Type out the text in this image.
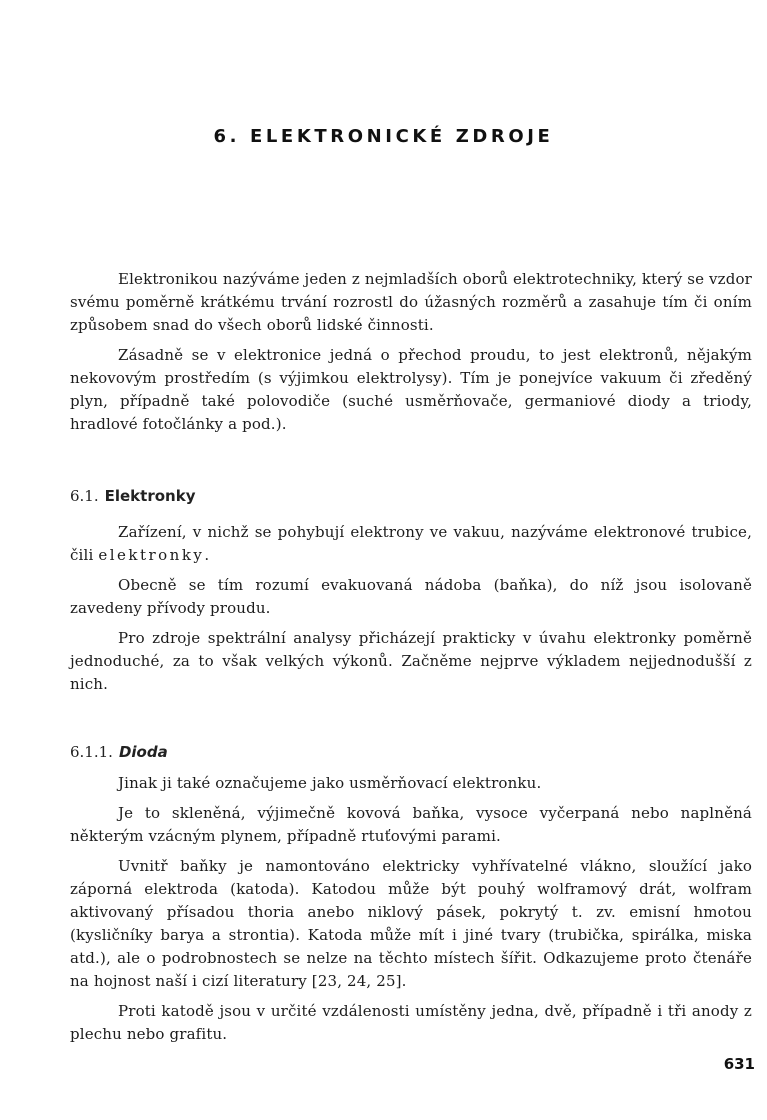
6. ELEKTRONICKÉ ZDROJE

Elektronikou nazýváme jeden z nejmladších oborů elektrotechniky, který se vzdor svému poměrně krátkému trvání rozrostl do úžasných rozměrů a zasahuje tím či oním způsobem snad do všech oborů lidské činnosti.

Zásadně se v elektronice jedná o přechod proudu, to jest elektronů, nějakým nekovovým prostředím (s výjimkou elektrolysy). Tím je ponejvíce vakuum či zředěný plyn, případně také polovodiče (suché usměrňovače, germaniové diody a triody, hradlové fotočlánky a pod.).

6.1. Elektronky

Zařízení, v nichž se pohybují elektrony ve vakuu, nazýváme elektronové trubice, čili elektronky.

Obecně se tím rozumí evakuovaná nádoba (baňka), do níž jsou isolovaně zavedeny přívody proudu.

Pro zdroje spektrální analysy přicházejí prakticky v úvahu elektronky poměrně jednoduché, za to však velkých výkonů. Začněme nejprve výkladem nejjednodušší z nich.

6.1.1. Dioda

Jinak ji také označujeme jako usměrňovací elektronku.

Je to skleněná, výjimečně kovová baňka, vysoce vyčerpaná nebo naplněná některým vzácným plynem, případně rtuťovými parami.

Uvnitř baňky je namontováno elektricky vyhřívatelné vlákno, sloužící jako záporná elektroda (katoda). Katodou může být pouhý wolframový drát, wolfram aktivovaný přísadou thoria anebo niklový pásek, pokrytý t. zv. emisní hmotou (kysličníky barya a strontia). Katoda může mít i jiné tvary (trubička, spirálka, miska atd.), ale o podrobnostech se nelze na těchto místech šířit. Odkazujeme proto čtenáře na hojnost naší i cizí literatury [23, 24, 25].

Proti katodě jsou v určité vzdálenosti umístěny jedna, dvě, případně i tři anody z plechu nebo grafitu.

631
